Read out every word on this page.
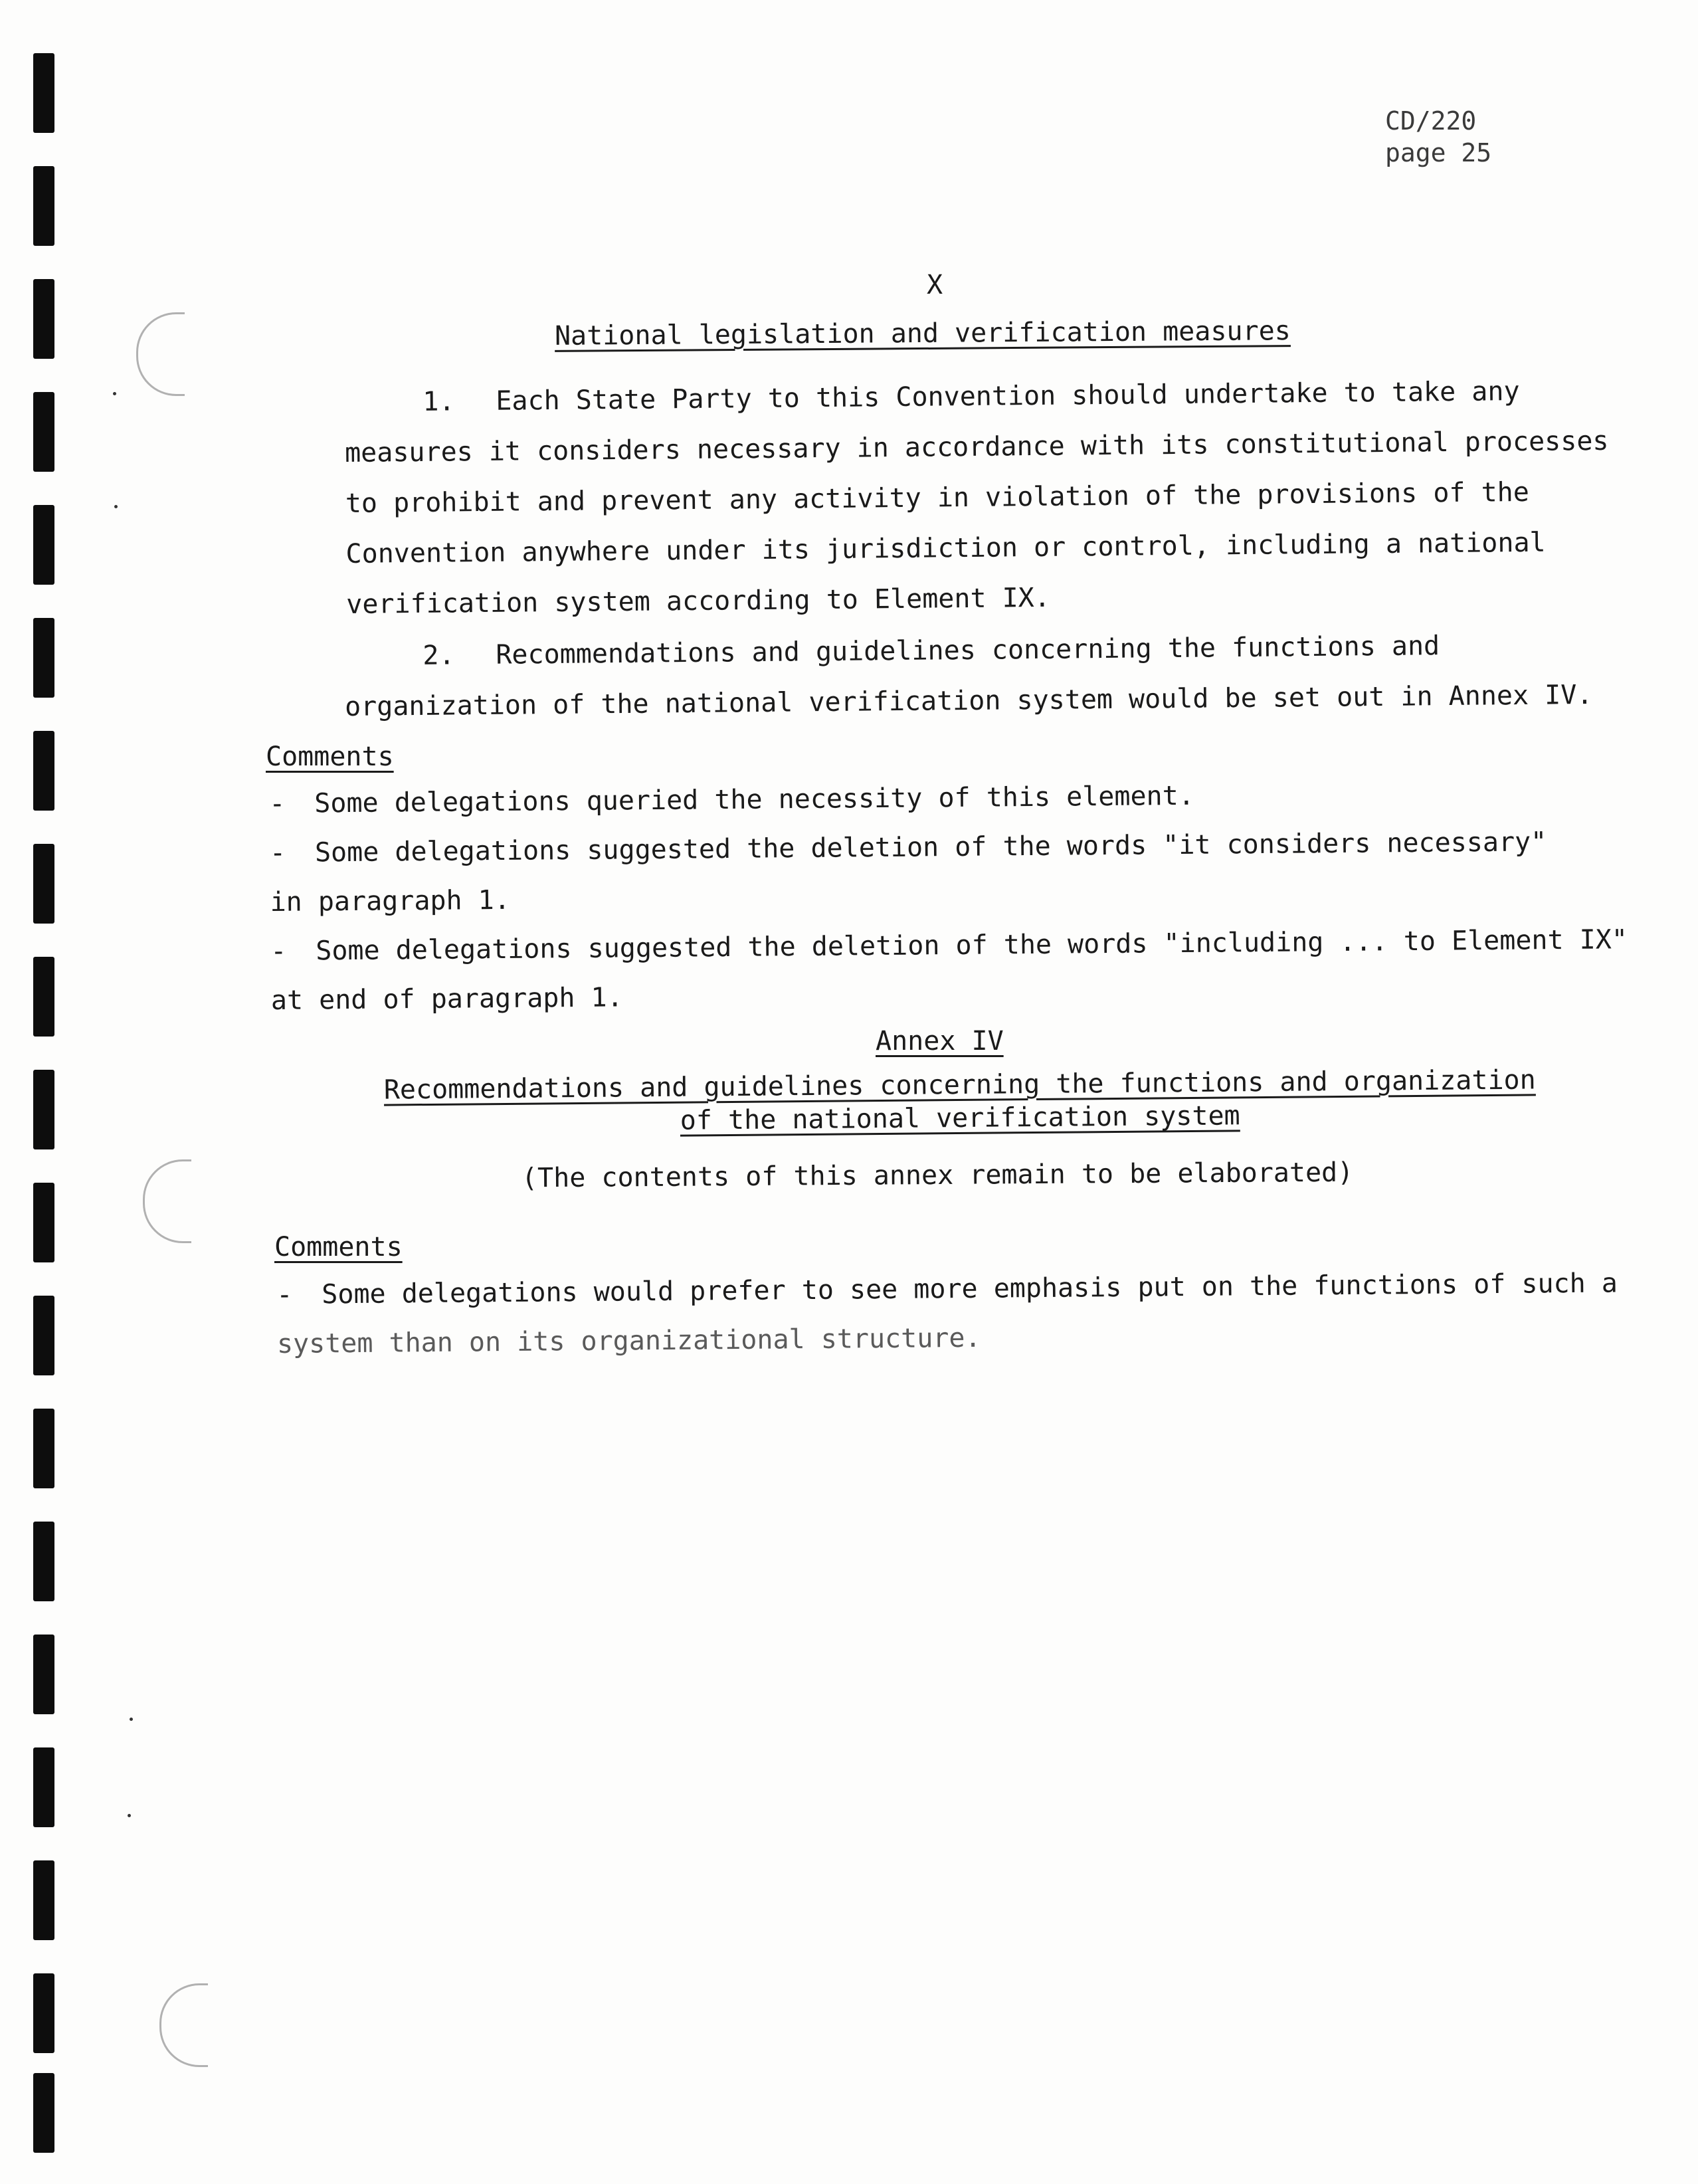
CD/220
page 25
X
National legislation and verification measures
1. Each State Party to this Convention should undertake to take any
measures it considers necessary in accordance with its constitutional processes
to prohibit and prevent any activity in violation of the provisions of the
Convention anywhere under its jurisdiction or control, including a national
verification system according to Element IX.
2. Recommendations and guidelines concerning the functions and
organization of the national verification system would be set out in Annex IV.
Comments
- Some delegations queried the necessity of this element.
- Some delegations suggested the deletion of the words "it considers necessary"
in paragraph 1.
- Some delegations suggested the deletion of the words "including ... to Element IX"
at end of paragraph 1.
Annex IV
Recommendations and guidelines concerning the functions and organization
of the national verification system
(The contents of this annex remain to be elaborated)
Comments
- Some delegations would prefer to see more emphasis put on the functions of such a
system than on its organizational structure.
